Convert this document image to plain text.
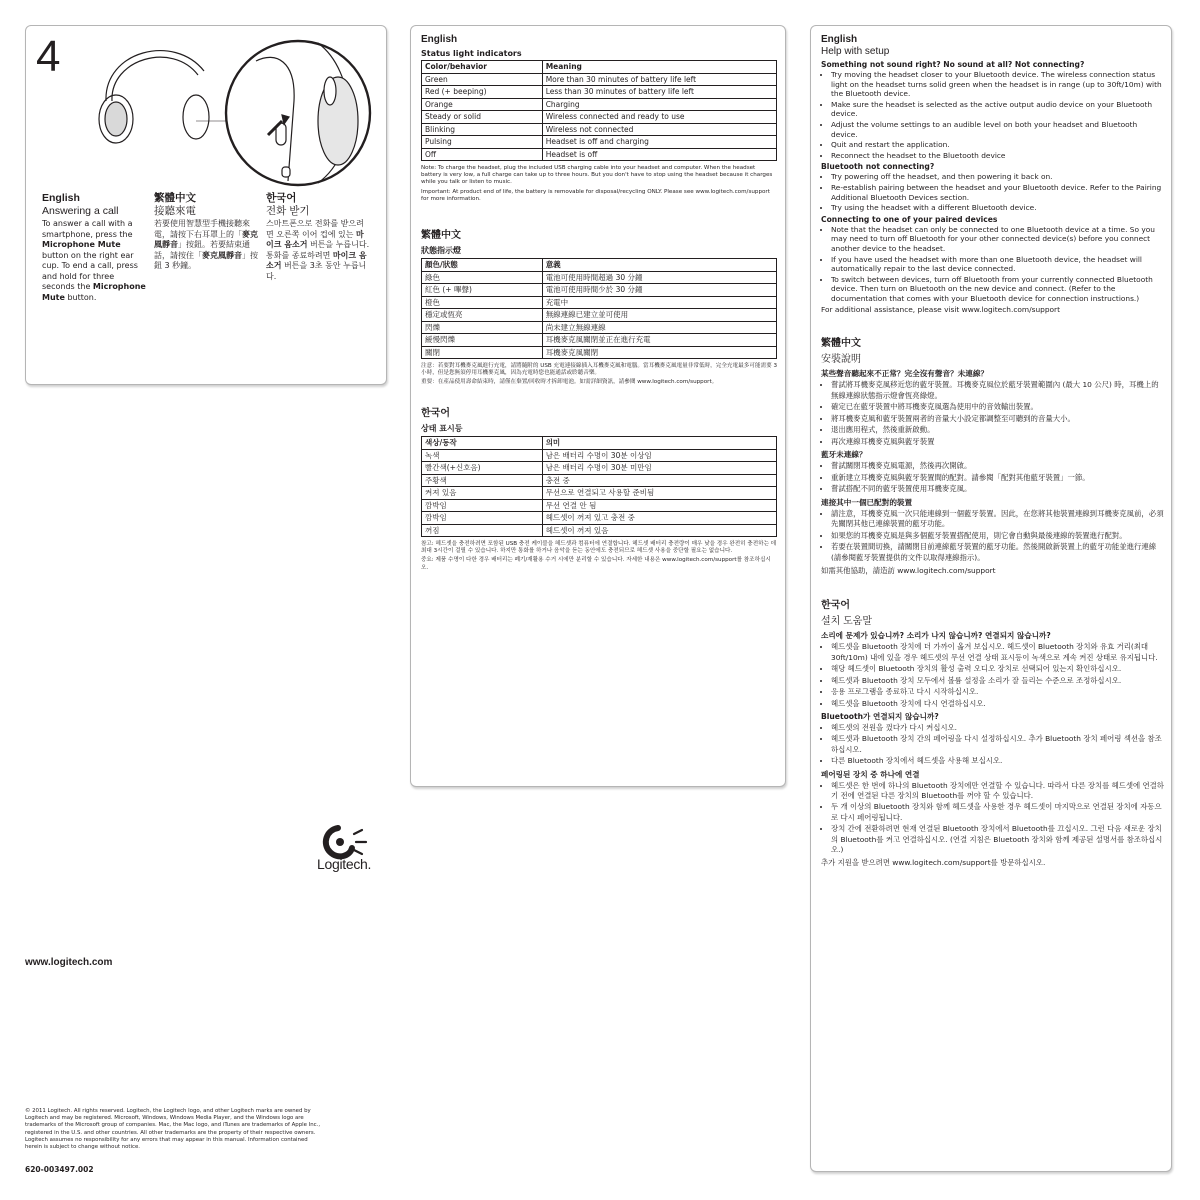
4
English
Answering a call

To answer a call with a smartphone, press the Microphone Mute button on the right ear cup. To end a call, press and hold for three seconds the Microphone Mute button.

繁體中文
接聽來電

若要使用智慧型手機接聽來電，請按下右耳罩上的「麥克風靜音」按鈕。若要結束通話，請按住「麥克風靜音」按鈕 3 秒鐘。

한국어
전화 받기

스마트폰으로 전화를 받으려면 오른쪽 이어 컵에 있는 마이크 음소거 버튼을 누릅니다. 통화를 종료하려면 마이크 음소거 버튼을 3초 동안 누릅니다.

English
Status light indicators
Color/behavior	Meaning
Green	More than 30 minutes of battery life left
Red (+ beeping)	Less than 30 minutes of battery life left
Orange	Charging
Steady or solid	Wireless connected and ready to use
Blinking	Wireless not connected
Pulsing	Headset is off and charging
Off	Headset is off

Note: To charge the headset, plug the included USB charging cable into your headset and computer. When the headset battery is very low, a full charge can take up to three hours. But you don't have to stop using the headset because it charges while you talk or listen to music.

Important: At product end of life, the battery is removable for disposal/recycling ONLY. Please see www.logitech.com/support for more information.

繁體中文
狀態指示燈
顏色/狀態	意義
綠色	電池可使用時間超過 30 分鐘
紅色 (+ 嗶聲)	電池可使用時間少於 30 分鐘
橙色	充電中
穩定或恆亮	無線連線已建立並可使用
閃爍	尚未建立無線連線
緩慢閃爍	耳機麥克風關閉並正在進行充電
關閉	耳機麥克風關閉

注意：若要對耳機麥克風進行充電，請將隨附的 USB 充電連接線插入耳機麥克風和電腦。當耳機麥克風電量非常低時，完全充電最多可能需要 3 小時，但是您無須停用耳機麥克風，因為充電時您也能通話或聆聽音樂。

重要：在產品使用壽命結束時，請僅在棄置/回收時才拆卸電池。如需詳細資訊，請參閱 www.logitech.com/support。

한국어
상태 표시등
색상/동작	의미
녹색	남은 배터리 수명이 30분 이상임
빨간색(+신호음)	남은 배터리 수명이 30분 미만임
주황색	충전 중
켜져 있음	무선으로 연결되고 사용할 준비됨
깜박임	무선 연결 안 됨
깜박임	헤드셋이 꺼져 있고 충전 중
꺼짐	헤드셋이 꺼져 있음

참고: 헤드셋을 충전하려면 포함된 USB 충전 케이블을 헤드셋과 컴퓨터에 연결합니다. 헤드셋 배터리 충전량이 매우 낮을 경우 완전히 충전하는 데 최대 3시간이 걸릴 수 있습니다. 하지만 통화를 하거나 음악을 듣는 동안에도 충전되므로 헤드셋 사용을 중단할 필요는 없습니다.

중요: 제품 수명이 다한 경우 배터리는 폐기/재활용 수거 시에만 분리할 수 있습니다. 자세한 내용은 www.logitech.com/support를 참조하십시오.

English
Help with setup
Something not sound right? No sound at all? Not connecting?
• Try moving the headset closer to your Bluetooth device. The wireless connection status light on the headset turns solid green when the headset is in range (up to 30ft/10m) with the Bluetooth device.
• Make sure the headset is selected as the active output audio device on your Bluetooth device.
• Adjust the volume settings to an audible level on both your headset and Bluetooth device.
• Quit and restart the application.
• Reconnect the headset to the Bluetooth device
Bluetooth not connecting?
• Try powering off the headset, and then powering it back on.
• Re-establish pairing between the headset and your Bluetooth device. Refer to the Pairing Additional Bluetooth Devices section.
• Try using the headset with a different Bluetooth device.
Connecting to one of your paired devices
• Note that the headset can only be connected to one Bluetooth device at a time. So you may need to turn off Bluetooth for your other connected device(s) before you connect another device to the headset.
• If you have used the headset with more than one Bluetooth device, the headset will automatically repair to the last device connected.
• To switch between devices, turn off Bluetooth from your currently connected Bluetooth device. Then turn on Bluetooth on the new device and connect. (Refer to the documentation that comes with your Bluetooth device for connection instructions.)
For additional assistance, please visit www.logitech.com/support
繁體中文
安裝說明
某些聲音聽起來不正常？完全沒有聲音？未連線？
• 嘗試將耳機麥克風移近您的藍牙裝置。耳機麥克風位於藍牙裝置範圍內 (最大 10 公尺) 時，耳機上的無線連線狀態指示燈會恆亮綠燈。
• 確定已在藍牙裝置中將耳機麥克風選為使用中的音效輸出裝置。
• 將耳機麥克風和藍牙裝置兩者的音量大小設定都調整至可聽到的音量大小。
• 退出應用程式，然後重新啟動。
• 再次連線耳機麥克風與藍牙裝置
藍牙未連線？
• 嘗試關閉耳機麥克風電源，然後再次開啟。
• 重新建立耳機麥克風與藍牙裝置間的配對。請參閱「配對其他藍牙裝置」一節。
• 嘗試搭配不同的藍牙裝置使用耳機麥克風。
連接其中一個已配對的裝置
• 請注意，耳機麥克風一次只能連線到一個藍牙裝置。因此，在您將其他裝置連線到耳機麥克風前，必須先關閉其他已連線裝置的藍牙功能。
• 如果您的耳機麥克風是與多個藍牙裝置搭配使用，則它會自動與最後連線的裝置進行配對。
• 若要在裝置間切換，請關閉目前連線藍牙裝置的藍牙功能。然後開啟新裝置上的藍牙功能並進行連線 (請參閱藍牙裝置提供的文件以取得連線指示)。
如需其他協助，請造訪 www.logitech.com/support
한국어
설치 도움말
소리에 문제가 있습니까? 소리가 나지 않습니까? 연결되지 않습니까?
• 헤드셋을 Bluetooth 장치에 더 가까이 옮겨 보십시오. 헤드셋이 Bluetooth 장치와 유효 거리(최대 30ft/10m) 내에 있을 경우 헤드셋의 무선 연결 상태 표시등이 녹색으로 계속 켜진 상태로 유지됩니다.
• 해당 헤드셋이 Bluetooth 장치의 활성 출력 오디오 장치로 선택되어 있는지 확인하십시오.
• 헤드셋과 Bluetooth 장치 모두에서 볼륨 설정을 소리가 잘 들리는 수준으로 조정하십시오.
• 응용 프로그램을 종료하고 다시 시작하십시오.
• 헤드셋을 Bluetooth 장치에 다시 연결하십시오.
Bluetooth가 연결되지 않습니까?
• 헤드셋의 전원을 껐다가 다시 켜십시오.
• 헤드셋과 Bluetooth 장치 간의 페어링을 다시 설정하십시오. 추가 Bluetooth 장치 페어링 섹션을 참조하십시오.
• 다른 Bluetooth 장치에서 헤드셋을 사용해 보십시오.
페어링된 장치 중 하나에 연결
• 헤드셋은 한 번에 하나의 Bluetooth 장치에만 연결할 수 있습니다. 따라서 다른 장치를 헤드셋에 연결하기 전에 연결된 다른 장치의 Bluetooth를 꺼야 할 수 있습니다.
• 두 개 이상의 Bluetooth 장치와 함께 헤드셋을 사용한 경우 헤드셋이 마지막으로 연결된 장치에 자동으로 다시 페어링됩니다.
• 장치 간에 전환하려면 현재 연결된 Bluetooth 장치에서 Bluetooth를 끄십시오. 그런 다음 새로운 장치의 Bluetooth를 켜고 연결하십시오. (연결 지침은 Bluetooth 장치와 함께 제공된 설명서를 참조하십시오.)
추가 지원을 받으려면 www.logitech.com/support를 방문하십시오.
Logitech.
www.logitech.com
© 2011 Logitech. All rights reserved. Logitech, the Logitech logo, and other Logitech marks are owned by Logitech and may be registered. Microsoft, Windows, Windows Media Player, and the Windows logo are trademarks of the Microsoft group of companies. Mac, the Mac logo, and iTunes are trademarks of Apple Inc., registered in the U.S. and other countries. All other trademarks are the property of their respective owners. Logitech assumes no responsibility for any errors that may appear in this manual. Information contained herein is subject to change without notice.
620-003497.002
